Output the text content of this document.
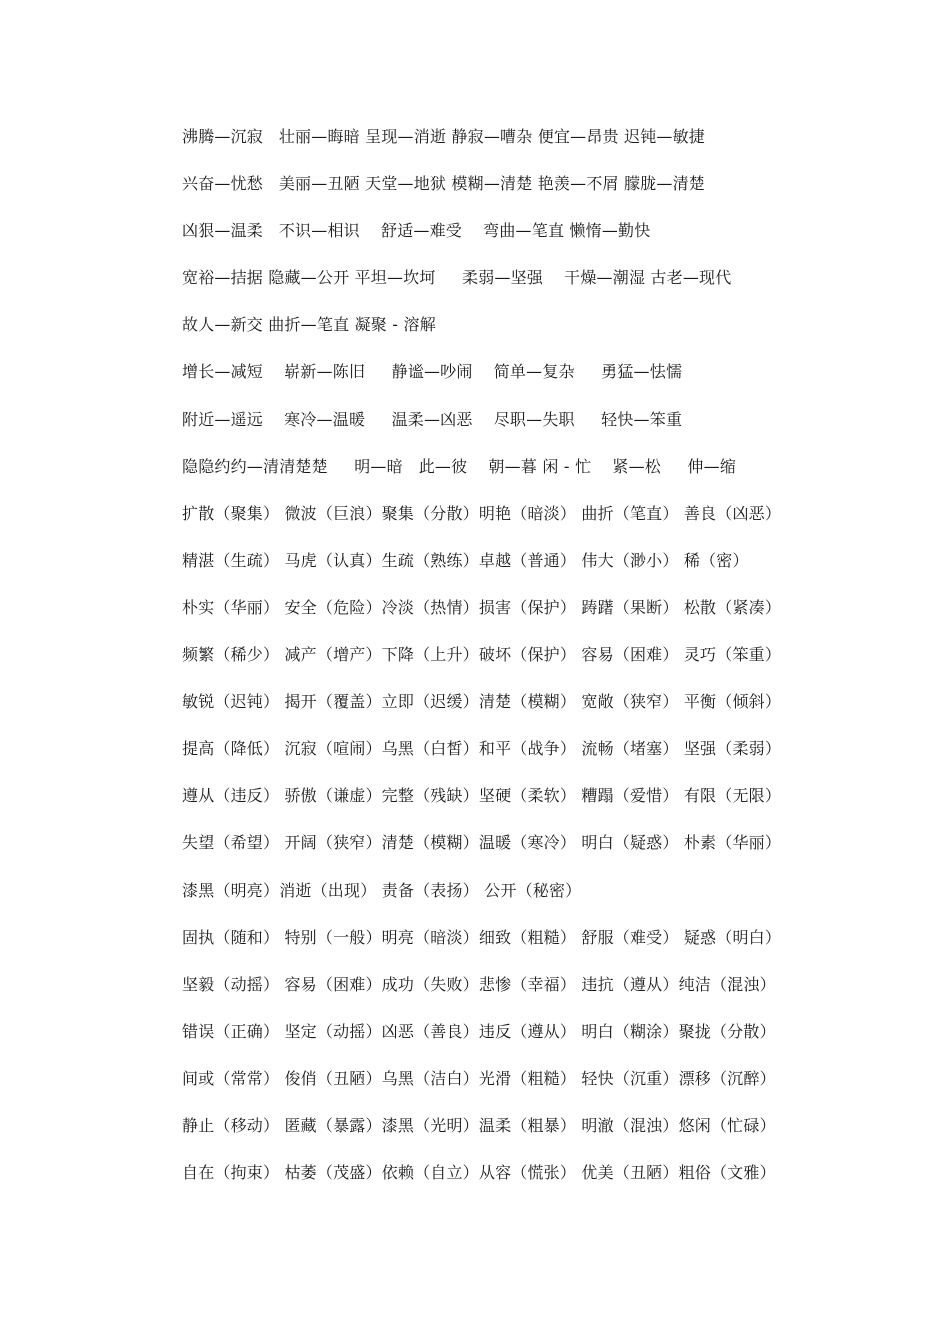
沸腾—沉寂   壮丽—晦暗 呈现—消逝 静寂—嘈杂 便宜—昂贵 迟钝—敏捷
兴奋—忧愁   美丽—丑陋 天堂—地狱 模糊—清楚 艳羡—不屑 朦胧—清楚
凶狠—温柔   不识—相识    舒适—难受    弯曲—笔直 懒惰—勤快
宽裕—拮据 隐藏—公开 平坦—坎坷     柔弱—坚强    干燥—潮湿 古老—现代
故人—新交 曲折—笔直 凝聚 - 溶解
增长—减短    崭新—陈旧     静谧—吵闹    简单—复杂     勇猛—怯懦
附近—遥远    寒冷—温暖     温柔—凶恶    尽职—失职     轻快—笨重
隐隐约约—清清楚楚     明—暗   此—彼    朝—暮 闲 - 忙    紧—松     伸—缩
扩散（聚集） 微波（巨浪）聚集（分散）明艳（暗淡） 曲折（笔直） 善良（凶恶）
精湛（生疏） 马虎（认真）生疏（熟练）卓越（普通） 伟大（渺小） 稀（密）
朴实（华丽） 安全（危险）冷淡（热情）损害（保护） 踌躇（果断） 松散（紧凑）
频繁（稀少） 减产（增产）下降（上升）破坏（保护） 容易（困难） 灵巧（笨重）
敏锐（迟钝） 揭开（覆盖）立即（迟缓）清楚（模糊） 宽敞（狭窄） 平衡（倾斜）
提高（降低） 沉寂（喧闹）乌黑（白皙）和平（战争） 流畅（堵塞） 坚强（柔弱）
遵从（违反） 骄傲（谦虚）完整（残缺）坚硬（柔软） 糟蹋（爱惜） 有限（无限）
失望（希望） 开阔（狭窄）清楚（模糊）温暖（寒冷） 明白（疑惑） 朴素（华丽）
漆黑（明亮）消逝（出现） 责备（表扬） 公开（秘密）
固执（随和） 特别（一般）明亮（暗淡）细致（粗糙） 舒服（难受） 疑惑（明白）
坚毅（动摇） 容易（困难）成功（失败）悲惨（幸福） 违抗（遵从）纯洁（混浊）
错误（正确） 坚定（动摇）凶恶（善良）违反（遵从） 明白（糊涂）聚拢（分散）
间或（常常） 俊俏（丑陋）乌黑（洁白）光滑（粗糙） 轻快（沉重）漂移（沉醉）
静止（移动） 匿藏（暴露）漆黑（光明）温柔（粗暴） 明澈（混浊）悠闲（忙碌）
自在（拘束） 枯萎（茂盛）依赖（自立）从容（慌张） 优美（丑陋）粗俗（文雅）
